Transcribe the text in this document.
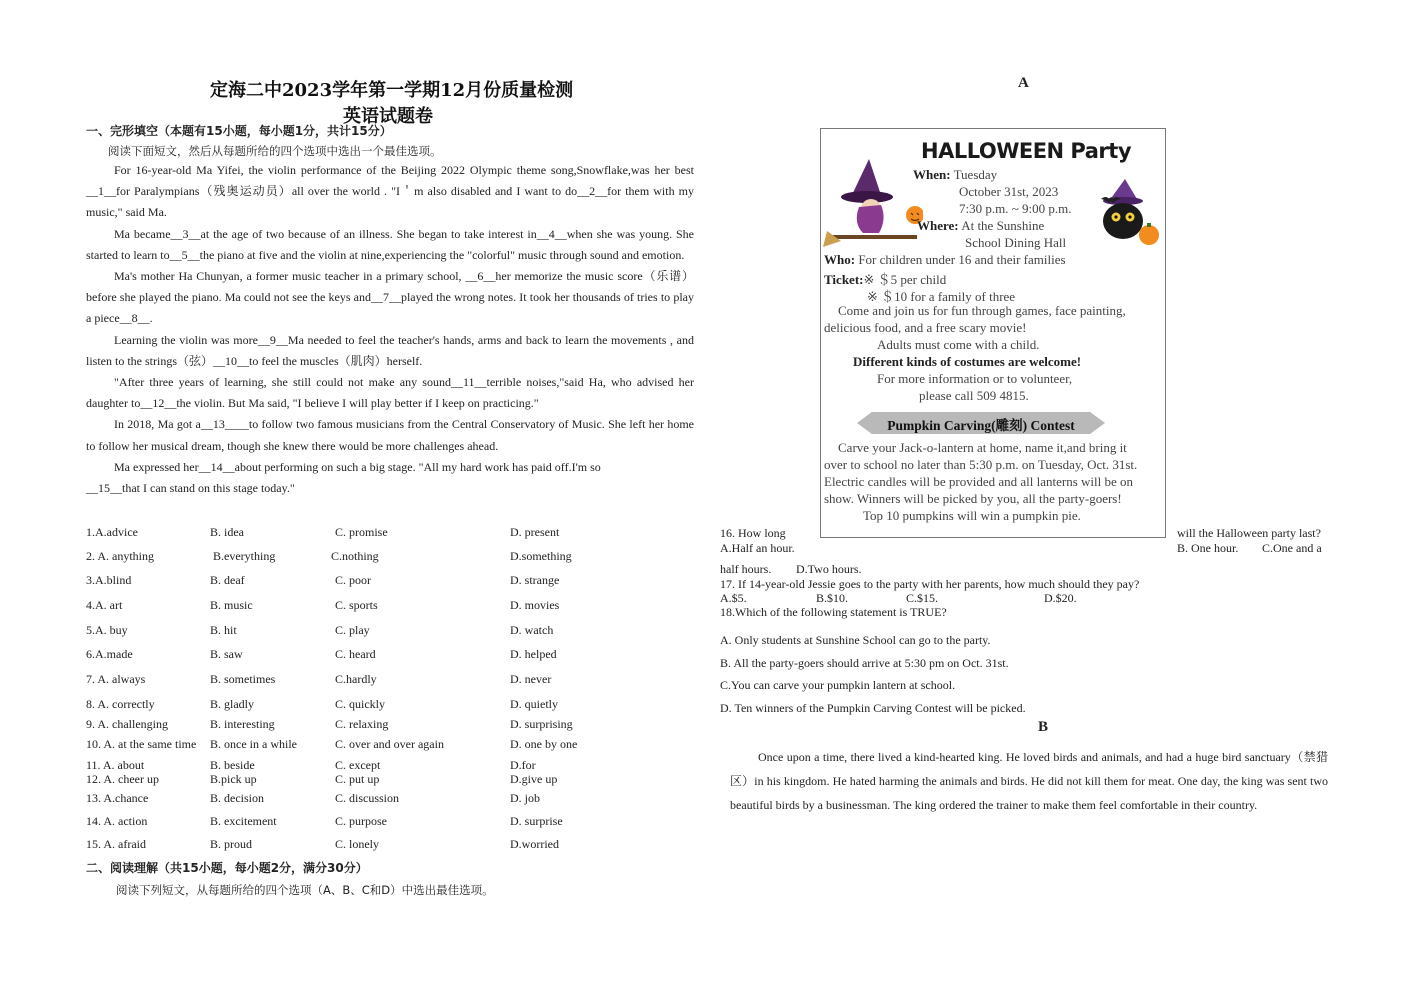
定海二中2023学年第一学期12月份质量检测
英语试题卷
一、完形填空（本题有15小题，每小题1分，共计15分）
阅读下面短文，然后从每题所给的四个选项中选出一个最佳选项。

For 16-year-old Ma Yifei, the violin performance of the Beijing 2022 Olympic theme song,Snowflake,was her best __1__for Paralympians（残奥运动员）all over the world . "I＇m also disabled and I want to do__2__for them with my music," said Ma.

Ma became__3__at the age of two because of an illness. She began to take interest in__4__when she was young. She started to learn to__5__the piano at five and the violin at nine,experiencing the "colorful" music through sound and emotion.

Ma's mother Ha Chunyan, a former music teacher in a primary school, __6__her memorize the music score（乐谱）before she played the piano. Ma could not see the keys and__7__played the wrong notes. It took her thousands of tries to play a piece__8__.

Learning the violin was more__9__Ma needed to feel the teacher's hands, arms and back to learn the movements , and listen to the strings（弦）__10__to feel the muscles（肌肉）herself.

"After three years of learning, she still could not make any sound__11__terrible noises,"said Ha, who advised her daughter to__12__the violin. But Ma said, "I believe I will play better if I keep on practicing."

In 2018, Ma got a__13____to follow two famous musicians from the Central Conservatory of Music. She left her home to follow her musical dream, though she knew there would be more challenges ahead.

Ma expressed her__14__about performing on such a big stage. "All my hard work has paid off.I'm so

__15__that I can stand on this stage today."

1.A.advice	B. idea	C. promise	D. present
2. A. anything	B.everything	C.nothing	D.something
3.A.blind	B. deaf	C. poor	D. strange
4.A. art	B. music	C. sports	D. movies
5.A. buy	B. hit	C. play	D. watch
6.A.made	B. saw	C. heard	D. helped
7. A. always	B. sometimes	C.hardly	D. never
8. A. correctly	B. gladly	C. quickly	D. quietly
9. A. challenging	B. interesting	C. relaxing	D. surprising
10. A. at the same time B. once in a while	C. over and over again	D. one by one
11. A. about	B. beside	C. except	D.for
12. A. cheer up	B.pick up	C. put up	D.give up
13. A.chance	B. decision	C. discussion	D. job
14. A. action	B. excitement	C. purpose	D. surprise
15. A. afraid	B. proud	C. lonely	D.worried
二、阅读理解（共15小题，每小题2分，满分30分）
阅读下列短文，从每题所给的四个选项（A、B、C和D）中选出最佳选项。
A
HALLOWEEN Party
When: Tuesday
October 31st, 2023
7:30 p.m. ~ 9:00 p.m.
Where: At the Sunshine
School Dining Hall
Who: For children under 16 and their families
Ticket:※ ＄5 per child
※ ＄10 for a family of three
Come and join us for fun through games, face painting,
delicious food, and a free scary movie!
Adults must come with a child.
Different kinds of costumes are welcome!
For more information or to volunteer,
please call 509 4815.
Pumpkin Carving(雕刻) Contest
Carve your Jack-o-lantern at home, name it,and bring it
over to school no later than 5:30 p.m. on Tuesday, Oct. 31st.
Electric candles will be provided and all lanterns will be on
show. Winners will be picked by you, all the party-goers!
Top 10 pumpkins will win a pumpkin pie.
16. How long	will the Halloween party last?
A.Half an hour.	B. One hour. C.One and a
half hours. D.Two hours.
17. If 14-year-old Jessie goes to the party with her parents, how much should they pay?
A.$5.	B.$10.	C.$15.	D.$20.
18.Which of the following statement is TRUE?
A. Only students at Sunshine School can go to the party.
B. All the party-goers should arrive at 5:30 pm on Oct. 31st.
C.You can carve your pumpkin lantern at school.
D. Ten winners of the Pumpkin Carving Contest will be picked.
B
Once upon a time, there lived a kind-hearted king. He loved birds and animals, and had a huge bird sanctuary（禁猎区）in his kingdom. He hated harming the animals and birds. He did not kill them for meat. One day, the king was sent two beautiful birds by a businessman. The king ordered the trainer to make them feel comfortable in their country.
